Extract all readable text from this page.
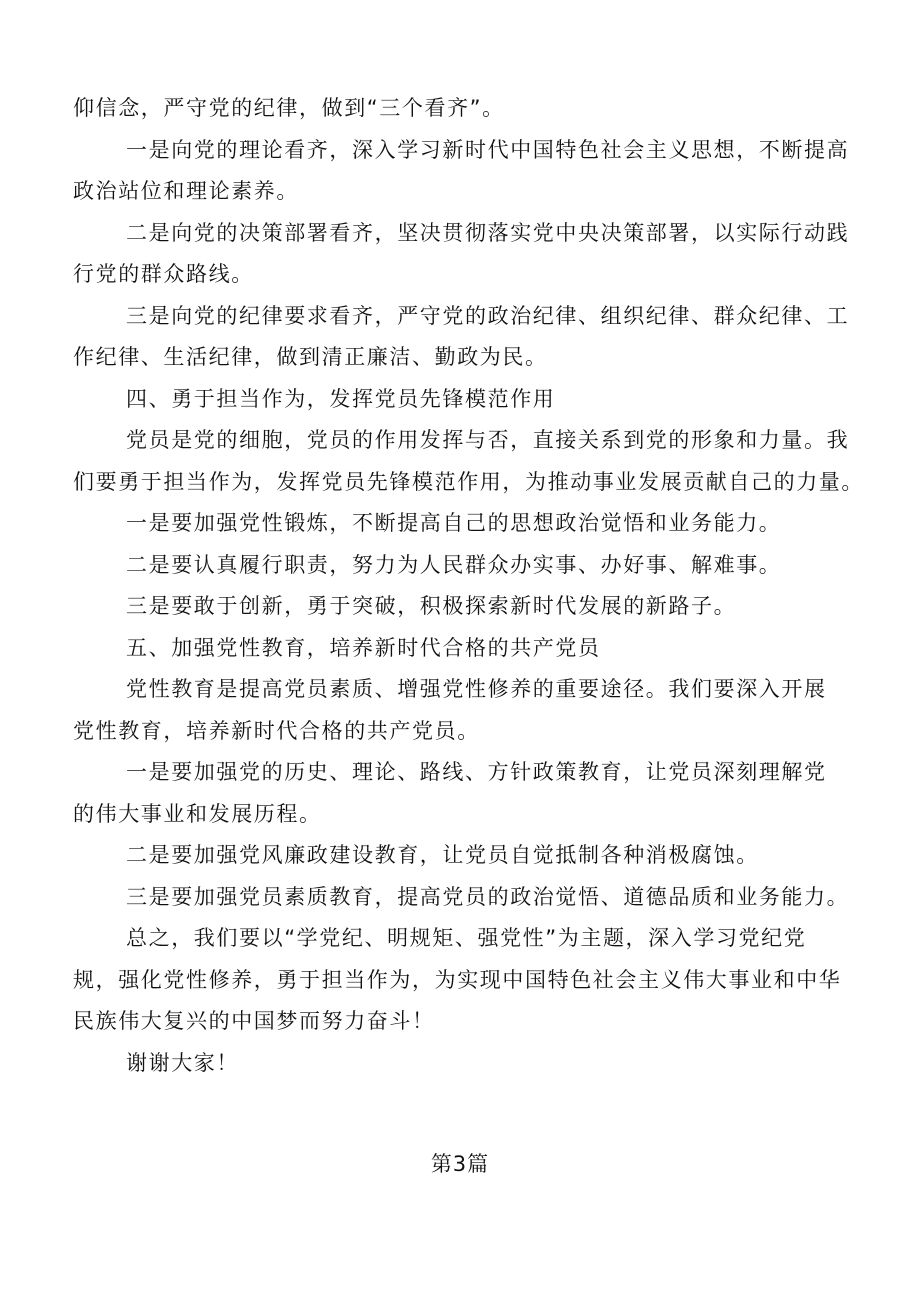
仰信念，严守党的纪律，做到“三个看齐”。
一是向党的理论看齐，深入学习新时代中国特色社会主义思想，不断提高
政治站位和理论素养。
二是向党的决策部署看齐，坚决贯彻落实党中央决策部署，以实际行动践
行党的群众路线。
三是向党的纪律要求看齐，严守党的政治纪律、组织纪律、群众纪律、工
作纪律、生活纪律，做到清正廉洁、勤政为民。
四、勇于担当作为，发挥党员先锋模范作用
党员是党的细胞，党员的作用发挥与否，直接关系到党的形象和力量。我
们要勇于担当作为，发挥党员先锋模范作用，为推动事业发展贡献自己的力量。
一是要加强党性锻炼，不断提高自己的思想政治觉悟和业务能力。
二是要认真履行职责，努力为人民群众办实事、办好事、解难事。
三是要敢于创新，勇于突破，积极探索新时代发展的新路子。
五、加强党性教育，培养新时代合格的共产党员
党性教育是提高党员素质、增强党性修养的重要途径。我们要深入开展
党性教育，培养新时代合格的共产党员。
一是要加强党的历史、理论、路线、方针政策教育，让党员深刻理解党
的伟大事业和发展历程。
二是要加强党风廉政建设教育，让党员自觉抵制各种消极腐蚀。
三是要加强党员素质教育，提高党员的政治觉悟、道德品质和业务能力。
总之，我们要以“学党纪、明规矩、强党性”为主题，深入学习党纪党
规，强化党性修养，勇于担当作为，为实现中国特色社会主义伟大事业和中华
民族伟大复兴的中国梦而努力奋斗！
谢谢大家！
第3篇
